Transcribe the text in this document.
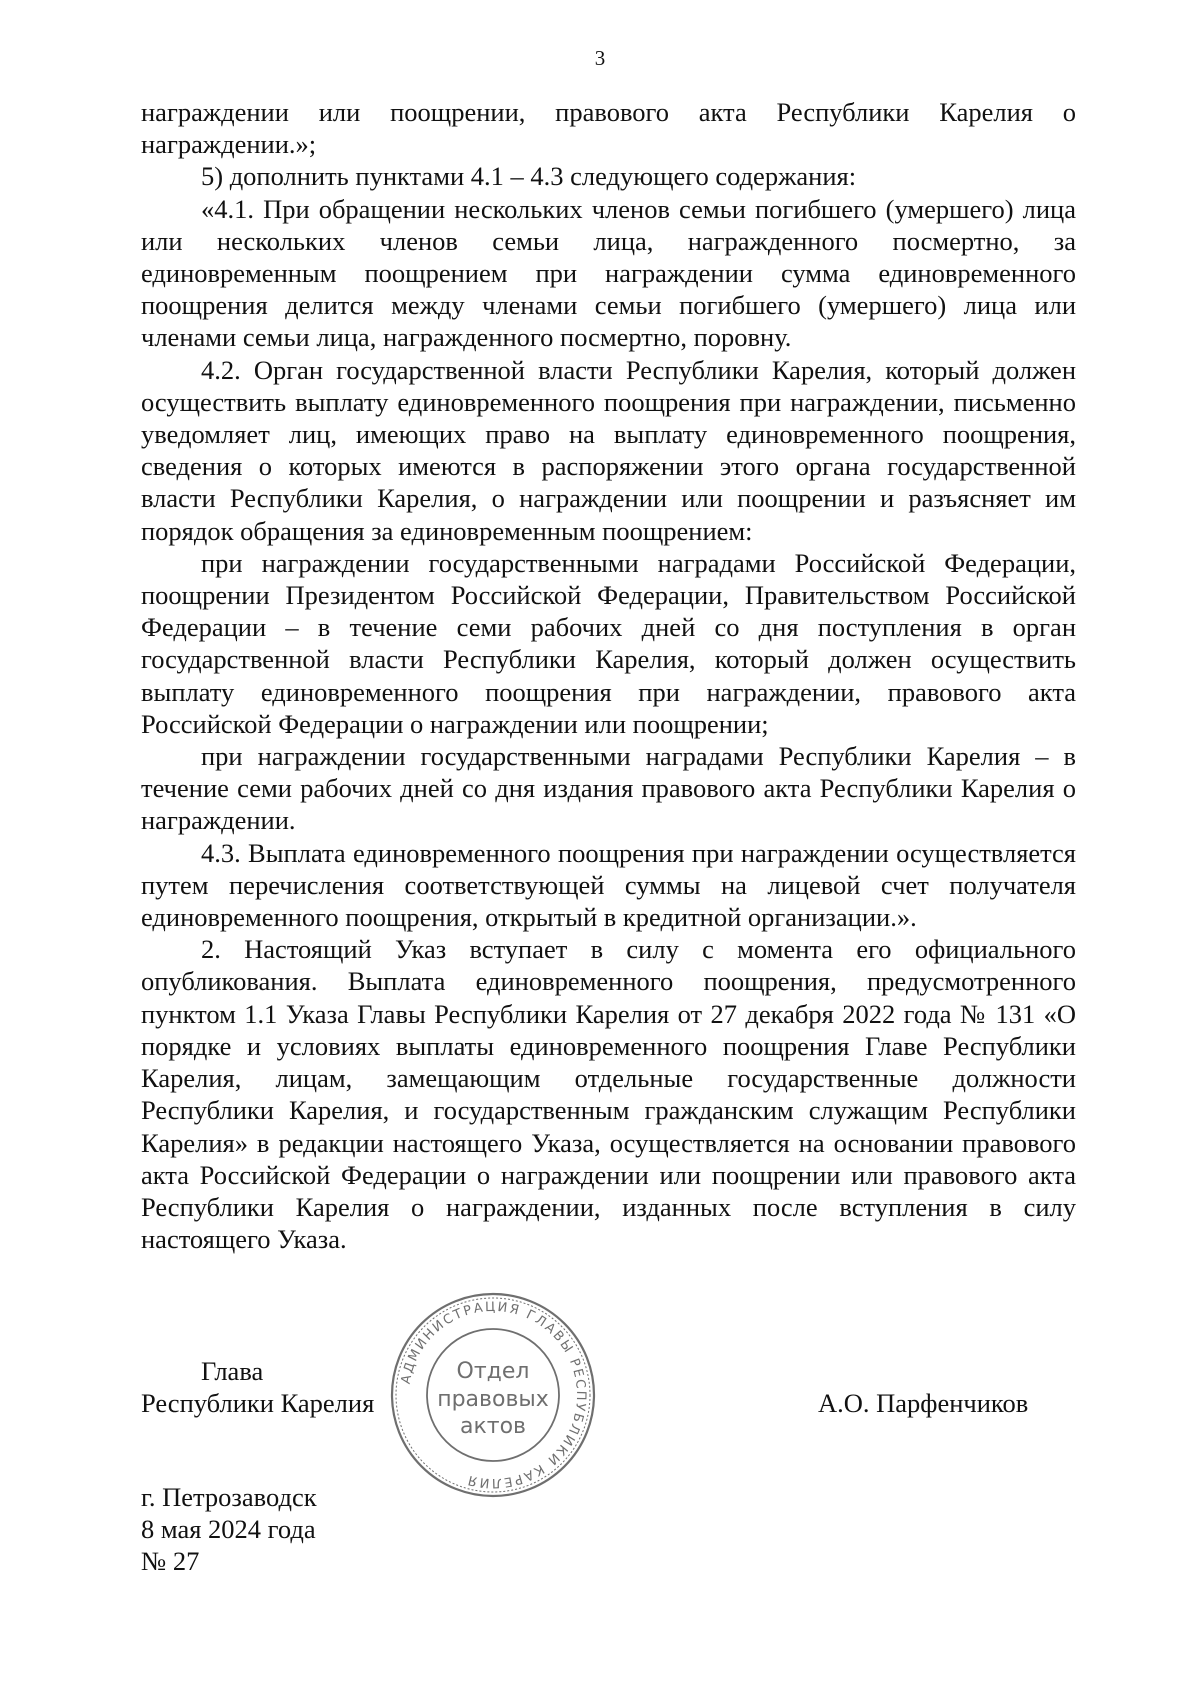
3

награждении или поощрении, правового акта Республики Карелия о награждении.»;

5) дополнить пунктами 4.1 – 4.3 следующего содержания:

«4.1. При обращении нескольких членов семьи погибшего (умершего) лица или нескольких членов семьи лица, награжденного посмертно, за единовременным поощрением при награждении сумма единовременного поощрения делится между членами семьи погибшего (умершего) лица или членами семьи лица, награжденного посмертно, поровну.

4.2. Орган государственной власти Республики Карелия, который должен осуществить выплату единовременного поощрения при награждении, письменно уведомляет лиц, имеющих право на выплату единовременного поощрения, сведения о которых имеются в распоряжении этого органа государственной власти Республики Карелия, о награждении или поощрении и разъясняет им порядок обращения за единовременным поощрением:

при награждении государственными наградами Российской Федерации, поощрении Президентом Российской Федерации, Правительством Российской Федерации – в течение семи рабочих дней со дня поступления в орган государственной власти Республики Карелия, который должен осуществить выплату единовременного поощрения при награждении, правового акта Российской Федерации о награждении или поощрении;

при награждении государственными наградами Республики Карелия – в течение семи рабочих дней со дня издания правового акта Республики Карелия о награждении.

4.3. Выплата единовременного поощрения при награждении осуществляется путем перечисления соответствующей суммы на лицевой счет получателя единовременного поощрения, открытый в кредитной организации.».

2. Настоящий Указ вступает в силу с момента его официального опубликования. Выплата единовременного поощрения, предусмотренного пунктом 1.1 Указа Главы Республики Карелия от 27 декабря 2022 года № 131 «О порядке и условиях выплаты единовременного поощрения Главе Республики Карелия, лицам, замещающим отдельные государственные должности Республики Карелия, и государственным гражданским служащим Республики Карелия» в редакции настоящего Указа, осуществляется на основании правового акта Российской Федерации о награждении или поощрении или правового акта Республики Карелия о награждении, изданных после вступления в силу настоящего Указа.

Глава
Республики Карелия	А.О. Парфенчиков
г. Петрозаводск
8 мая 2024 года
№ 27
АДМИНИСТРАЦИЯ ГЛАВЫ РЕСПУБЛИКИ КАРЕЛИЯ
Отдел
правовых
актов
